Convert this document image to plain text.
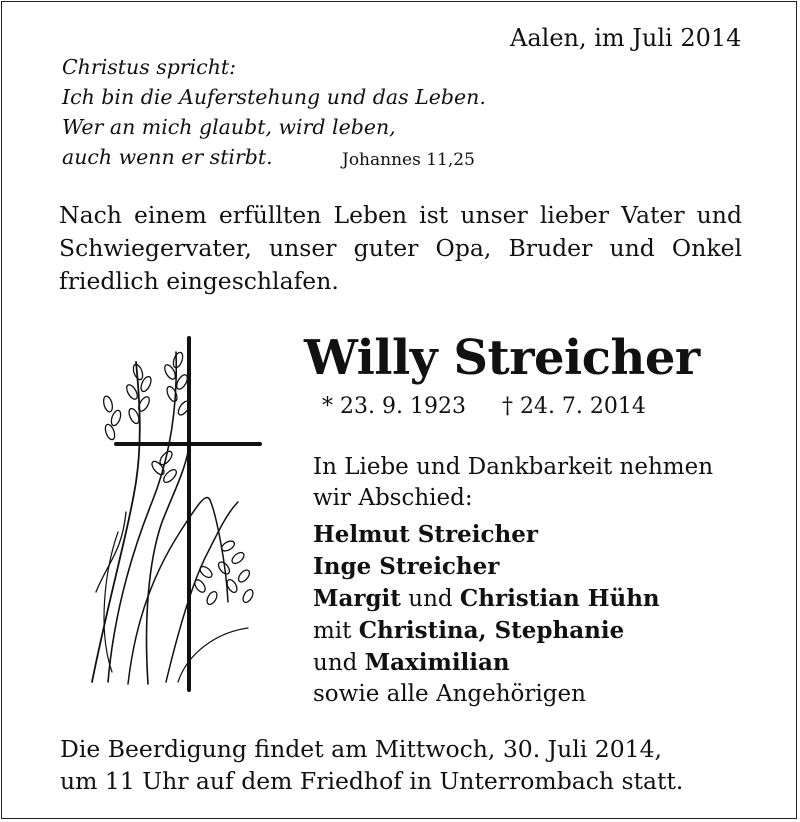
Aalen, im Juli 2014
Christus spricht:
Ich bin die Auferstehung und das Leben.
Wer an mich glaubt, wird leben,
auch wenn er stirbt.	Johannes 11,25
Nach einem erfüllten Leben ist unser lieber Vater und Schwiegervater, unser guter Opa, Bruder und Onkel friedlich eingeschlafen.
Willy Streicher
* 23. 9. 1923 † 24. 7. 2014
In Liebe und Dankbarkeit nehmen
wir Abschied:
Helmut Streicher
Inge Streicher
Margit und Christian Hühn
mit Christina, Stephanie
und Maximilian
sowie alle Angehörigen
Die Beerdigung findet am Mittwoch, 30. Juli 2014,
um 11 Uhr auf dem Friedhof in Unterrombach statt.
